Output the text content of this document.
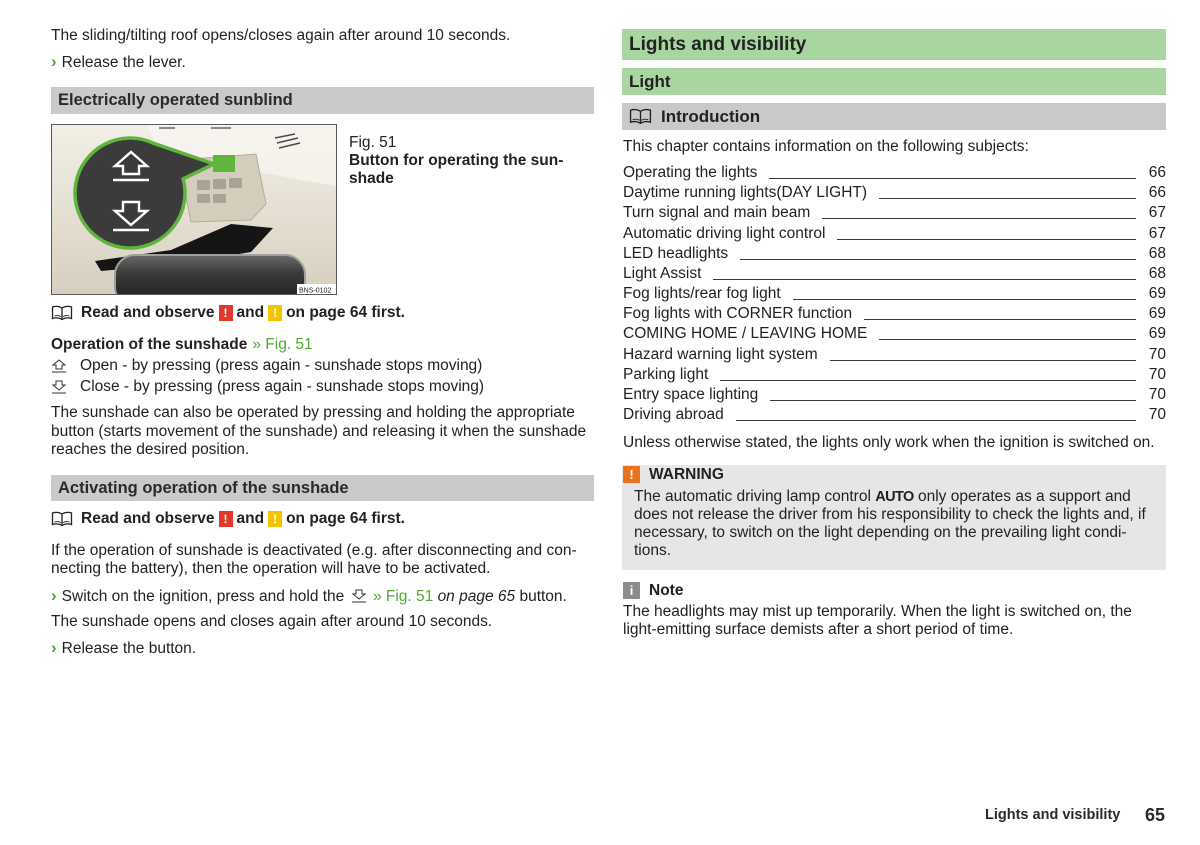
The sliding/tilting roof opens/closes again after around 10 seconds.
› Release the lever.
Electrically operated sunblind
BNS-0102
Fig. 51
Button for operating the sun-
shade
Read and observe ! and ! on page 64 first.
Operation of the sunshade » Fig. 51
Open - by pressing (press again - sunshade stops moving)
Close - by pressing (press again - sunshade stops moving)
The sunshade can also be operated by pressing and holding the appropriate
button (starts movement of the sunshade) and releasing it when the sunshade
reaches the desired position.
Activating operation of the sunshade
Read and observe ! and ! on page 64 first.
If the operation of sunshade is deactivated (e.g. after disconnecting and con-
necting the battery), then the operation will have to be activated.
› Switch on the ignition, press and hold the » Fig. 51 on page 65 button.
The sunshade opens and closes again after around 10 seconds.
› Release the button.
Lights and visibility
Light
Introduction
This chapter contains information on the following subjects:
Operating the lights	66
Daytime running lights(DAY LIGHT)	66
Turn signal and main beam	67
Automatic driving light control	67
LED headlights	68
Light Assist	68
Fog lights/rear fog light	69
Fog lights with CORNER function	69
COMING HOME / LEAVING HOME	69
Hazard warning light system	70
Parking light	70
Entry space lighting	70
Driving abroad	70
Unless otherwise stated, the lights only work when the ignition is switched on.
! WARNING
The automatic driving lamp control AUTO only operates as a support and
does not release the driver from his responsibility to check the lights and, if
necessary, to switch on the light depending on the prevailing light condi-
tions.
i	Note
The headlights may mist up temporarily. When the light is switched on, the
light-emitting surface demists after a short period of time.
Lights and visibility 65
